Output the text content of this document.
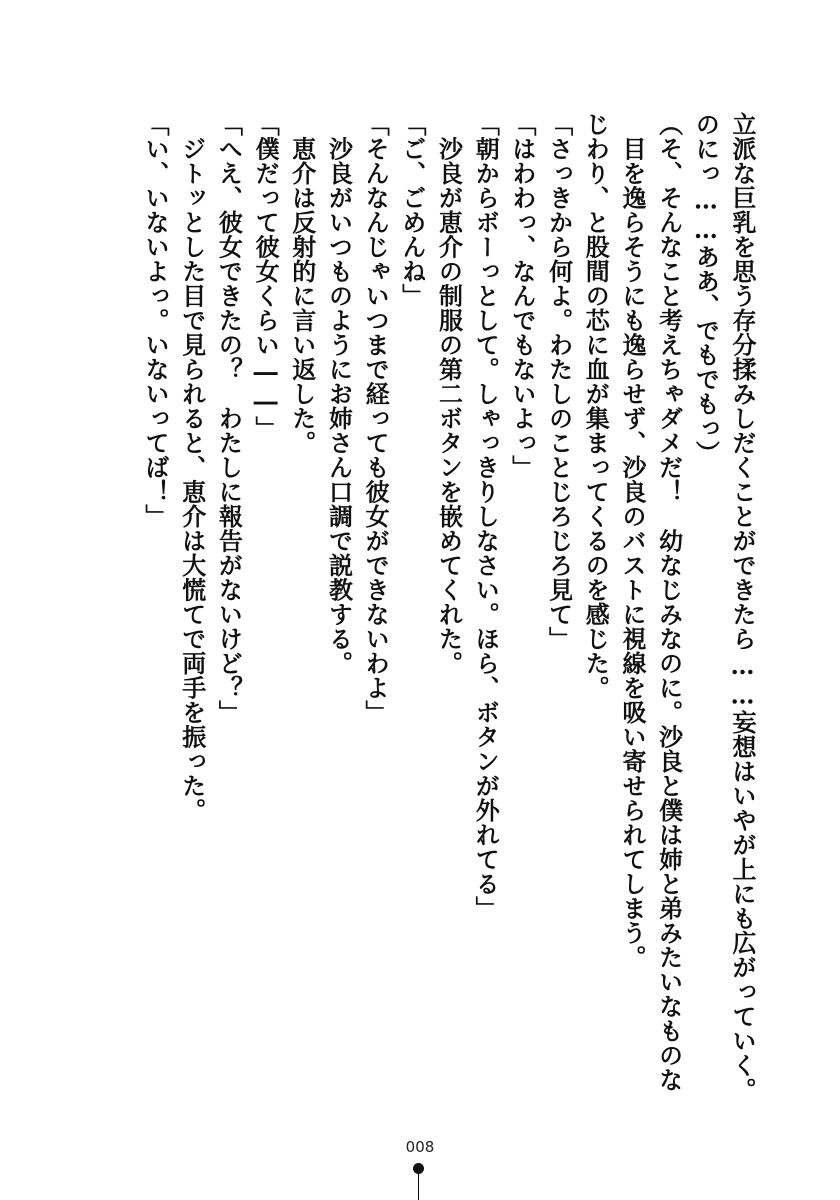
立派な巨乳を思う存分揉みしだくことができたら……妄想はいやが上にも広がっていく。
のにっ……ああ、でもでもっ）
（そ、そんなこと考えちゃダメだ！　幼なじみなのに。沙良と僕は姉と弟みたいなものな
　目を逸らそうにも逸らせず、沙良のバストに視線を吸い寄せられてしまう。
じわり、と股間の芯に血が集まってくるのを感じた。
「さっきから何よ。わたしのことじろじろ見て」
「はわわっ、なんでもないよっ」
「朝からボーっとして。しゃっきりしなさい。ほら、ボタンが外れてる」
　沙良が恵介の制服の第二ボタンを嵌めてくれた。
「ご、ごめんね」
「そんなんじゃいつまで経っても彼女ができないわよ」
　沙良がいつものようにお姉さん口調で説教する。
　恵介は反射的に言い返した。
「僕だって彼女くらい――」
「へえ、彼女できたの？　わたしに報告がないけど？」
　ジトッとした目で見られると、恵介は大慌てで両手を振った。
「い、いないよっ。いないってば！」
008
